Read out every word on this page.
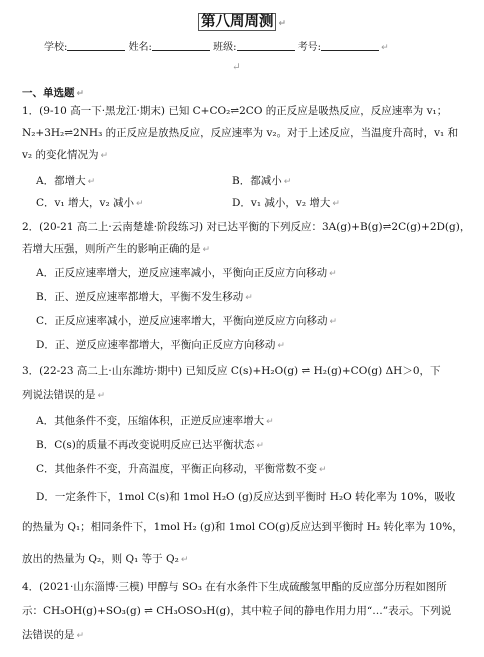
第八周周测 ↵
学校:	姓名:	班级:	考号:	↵
↵
一、单选题 ↵
1．(9-10 高一下·黑龙江·期末) 已知 C+CO₂⇌2CO 的正反应是吸热反应，反应速率为 v₁；
N₂+3H₂⇌2NH₃ 的正反应是放热反应，反应速率为 v₂。对于上述反应，当温度升高时，v₁ 和
v₂ 的变化情况为 ↵
A．都增大 ↵	B．都减小 ↵
C．v₁ 增大，v₂ 减小 ↵	D．v₁ 减小，v₂ 增大 ↵
2．(20-21 高二上·云南楚雄·阶段练习) 对已达平衡的下列反应：3A(g)+B(g)⇌2C(g)+2D(g)，
若增大压强，则所产生的影响正确的是 ↵
A．正反应速率增大，逆反应速率减小，平衡向正反应方向移动 ↵
B．正、逆反应速率都增大，平衡不发生移动 ↵
C．正反应速率减小，逆反应速率增大，平衡向逆反应方向移动 ↵
D．正、逆反应速率都增大，平衡向正反应方向移动 ↵
3．(22-23 高二上·山东潍坊·期中) 已知反应 C(s)+H₂O(g) ⇌ H₂(g)+CO(g) ΔH＞0，下
列说法错误的是 ↵
A．其他条件不变，压缩体积，正逆反应速率增大 ↵
B．C(s)的质量不再改变说明反应已达平衡状态 ↵
C．其他条件不变，升高温度，平衡正向移动，平衡常数不变 ↵
D．一定条件下，1mol C(s)和 1mol H₂O (g)反应达到平衡时 H₂O 转化率为 10%，吸收
的热量为 Q₁；相同条件下，1mol H₂ (g)和 1mol CO(g)反应达到平衡时 H₂ 转化率为 10%，
放出的热量为 Q₂，则 Q₁ 等于 Q₂ ↵
4．(2021·山东淄博·三模) 甲醇与 SO₃ 在有水条件下生成硫酸氢甲酯的反应部分历程如图所
示：CH₃OH(g)+SO₃(g) ⇌ CH₃OSO₃H(g)，其中粒子间的静电作用力用“…”表示。下列说
法错误的是 ↵
